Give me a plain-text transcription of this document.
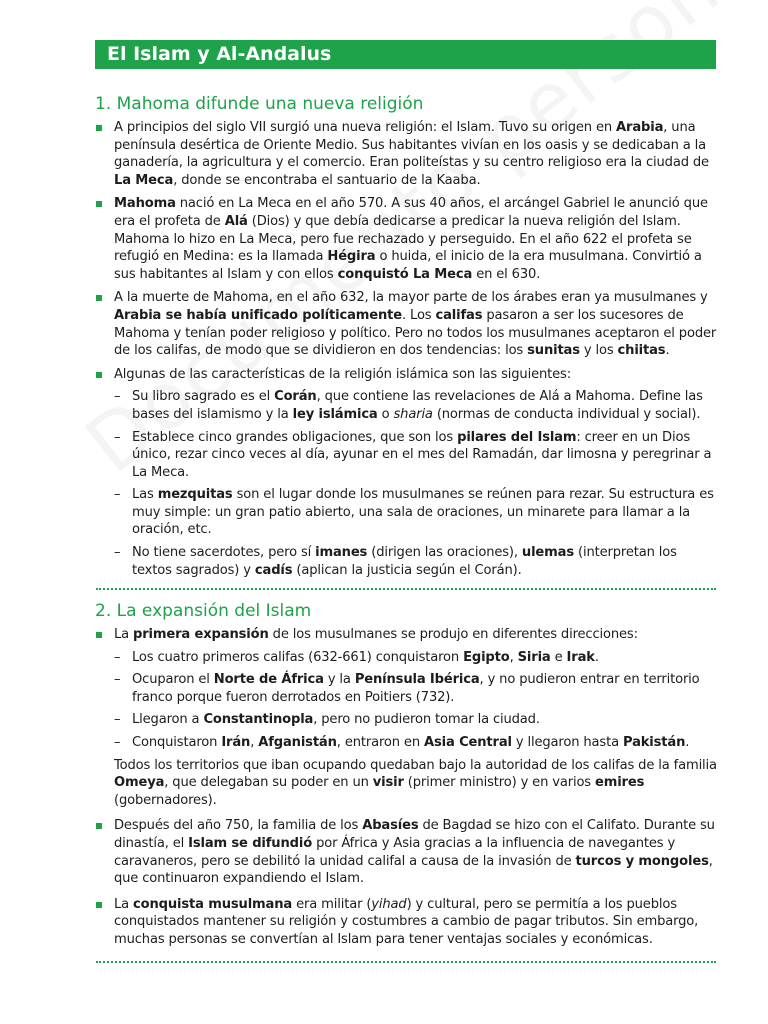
El Islam y Al-Andalus
1. Mahoma difunde una nueva religión
A principios del siglo VII surgió una nueva religión: el Islam. Tuvo su origen en Arabia, una península desértica de Oriente Medio. Sus habitantes vivían en los oasis y se dedicaban a la ganadería, la agricultura y el comercio. Eran politeístas y su centro religioso era la ciudad de La Meca, donde se encontraba el santuario de la Kaaba.
Mahoma nació en La Meca en el año 570. A sus 40 años, el arcángel Gabriel le anunció que era el profeta de Alá (Dios) y que debía dedicarse a predicar la nueva religión del Islam. Mahoma lo hizo en La Meca, pero fue rechazado y perseguido. En el año 622 el profeta se refugió en Medina: es la llamada Hégira o huida, el inicio de la era musulmana. Convirtió a sus habitantes al Islam y con ellos conquistó La Meca en el 630.
A la muerte de Mahoma, en el año 632, la mayor parte de los árabes eran ya musulmanes y Arabia se había unificado políticamente. Los califas pasaron a ser los sucesores de Mahoma y tenían poder religioso y político. Pero no todos los musulmanes aceptaron el poder de los califas, de modo que se dividieron en dos tendencias: los sunitas y los chiitas.
Algunas de las características de la religión islámica son las siguientes:
– Su libro sagrado es el Corán, que contiene las revelaciones de Alá a Mahoma. Define las bases del islamismo y la ley islámica o sharia (normas de conducta individual y social).
– Establece cinco grandes obligaciones, que son los pilares del Islam: creer en un Dios único, rezar cinco veces al día, ayunar en el mes del Ramadán, dar limosna y peregrinar a La Meca.
– Las mezquitas son el lugar donde los musulmanes se reúnen para rezar. Su estructura es muy simple: un gran patio abierto, una sala de oraciones, un minarete para llamar a la oración, etc.
– No tiene sacerdotes, pero sí imanes (dirigen las oraciones), ulemas (interpretan los textos sagrados) y cadís (aplican la justicia según el Corán).
2. La expansión del Islam
La primera expansión de los musulmanes se produjo en diferentes direcciones:
– Los cuatro primeros califas (632-661) conquistaron Egipto, Siria e Irak.
– Ocuparon el Norte de África y la Península Ibérica, y no pudieron entrar en territorio franco porque fueron derrotados en Poitiers (732).
– Llegaron a Constantinopla, pero no pudieron tomar la ciudad.
– Conquistaron Irán, Afganistán, entraron en Asia Central y llegaron hasta Pakistán.
Todos los territorios que iban ocupando quedaban bajo la autoridad de los califas de la familia Omeya, que delegaban su poder en un visir (primer ministro) y en varios emires (gobernadores).
Después del año 750, la familia de los Abasíes de Bagdad se hizo con el Califato. Durante su dinastía, el Islam se difundió por África y Asia gracias a la influencia de navegantes y caravaneros, pero se debilitó la unidad califal a causa de la invasión de turcos y mongoles, que continuaron expandiendo el Islam.
La conquista musulmana era militar (yihad) y cultural, pero se permitía a los pueblos conquistados mantener su religión y costumbres a cambio de pagar tributos. Sin embargo, muchas personas se convertían al Islam para tener ventajas sociales y económicas.
